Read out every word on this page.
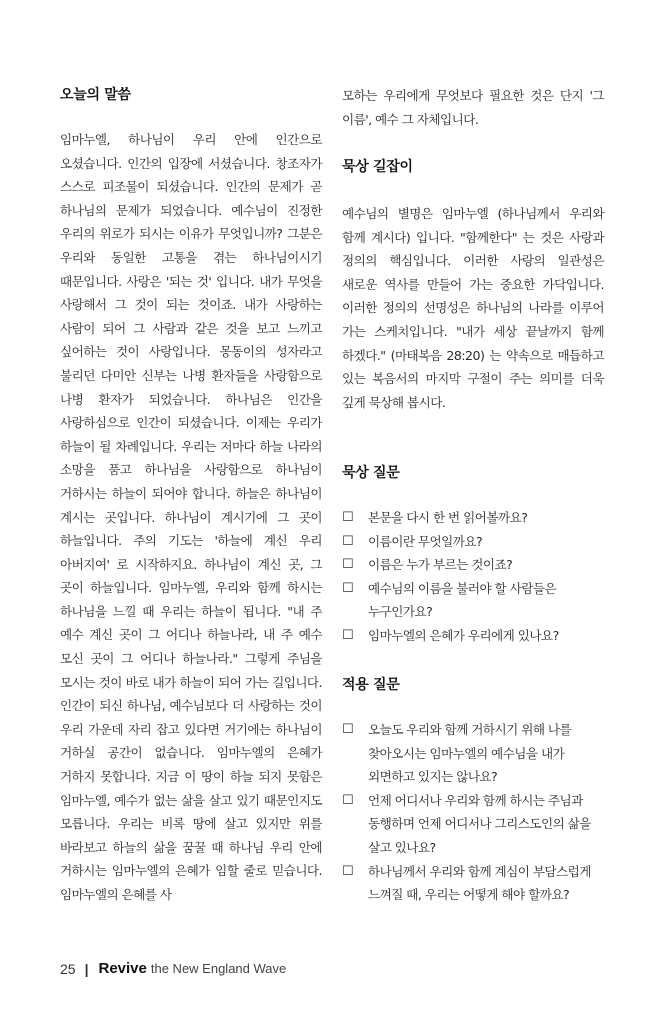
오늘의 말씀

임마누엘, 하나님이 우리 안에 인간으로 오셨습니다. 인간의 입장에 서셨습니다. 창조자가 스스로 피조물이 되셨습니다. 인간의 문제가 곧 하나님의 문제가 되었습니다. 예수님이 진정한 우리의 위로가 되시는 이유가 무엇입니까? 그분은 우리와 동일한 고통을 겪는 하나님이시기 때문입니다. 사랑은 '되는 것' 입니다. 내가 무엇을 사랑해서 그 것이 되는 것이죠. 내가 사랑하는 사람이 되어 그 사람과 같은 것을 보고 느끼고 싶어하는 것이 사랑입니다. 몽동이의 성자라고 불리던 다미안 신부는 나병 환자들을 사랑함으로 나병 환자가 되었습니다. 하나님은 인간을 사랑하심으로 인간이 되셨습니다. 이제는 우리가 하늘이 될 차례입니다. 우리는 저마다 하늘 나라의 소망을 품고 하나님을 사랑함으로 하나님이 거하시는 하늘이 되어야 합니다. 하늘은 하나님이 계시는 곳입니다. 하나님이 계시기에 그 곳이 하늘입니다. 주의 기도는 '하늘에 계신 우리 아버지여' 로 시작하지요. 하나님이 계신 곳, 그 곳이 하늘입니다. 임마누엘, 우리와 함께 하시는 하나님을 느낄 때 우리는 하늘이 됩니다. "내 주 예수 계신 곳이 그 어디나 하늘나라, 내 주 예수 모신 곳이 그 어디나 하늘나라." 그렇게 주님을 모시는 것이 바로 내가 하늘이 되어 가는 길입니다. 인간이 되신 하나님, 예수님보다 더 사랑하는 것이 우리 가운데 자리 잡고 있다면 거기에는 하나님이 거하실 공간이 없습니다. 임마누엘의 은혜가 거하지 못합니다. 지금 이 땅이 하늘 되지 못함은 임마누엘, 예수가 없는 삶을 살고 있기 때문인지도 모릅니다. 우리는 비록 땅에 살고 있지만 위를 바라보고 하늘의 삶을 꿈꿀 때 하나님 우리 안에 거하시는 임마누엘의 은혜가 임할 줄로 믿습니다. 임마누엘의 은혜를 사

모하는 우리에게 무엇보다 필요한 것은 단지 '그 이름', 예수 그 자체입니다.

묵상 길잡이

예수님의 별명은 임마누엘 (하나님께서 우리와 함께 계시다) 입니다. "함께한다" 는 것은 사랑과 정의의 핵심입니다. 이러한 사랑의 일관성은 새로운 역사를 만들어 가는 중요한 가닥입니다. 이러한 정의의 선명성은 하나님의 나라를 이루어 가는 스케치입니다. "내가 세상 끝날까지 함께 하겠다." (마태복음 28:20) 는 약속으로 매듭하고 있는 복음서의 마지막 구절이 주는 의미를 더욱 깊게 묵상해 봅시다.

묵상 질문
☐	본문을 다시 한 번 읽어볼까요?
☐	이름이란 무엇일까요?
☐	이름은 누가 부르는 것이죠?
☐	예수님의 이름을 불러야 할 사람들은 누구인가요?
☐	임마누엘의 은혜가 우리에게 있나요?
적용 질문
☐	오늘도 우리와 함께 거하시기 위해 나를 찾아오시는 임마누엘의 예수님을 내가 외면하고 있지는 않나요?
☐	언제 어디서나 우리와 함께 하시는 주님과 동행하며 언제 어디서나 그리스도인의 삶을 살고 있나요?
☐	하나님께서 우리와 함께 계심이 부담스럽게 느껴질 때, 우리는 어떻게 해야 할까요?
25 | Revive the New England Wave
